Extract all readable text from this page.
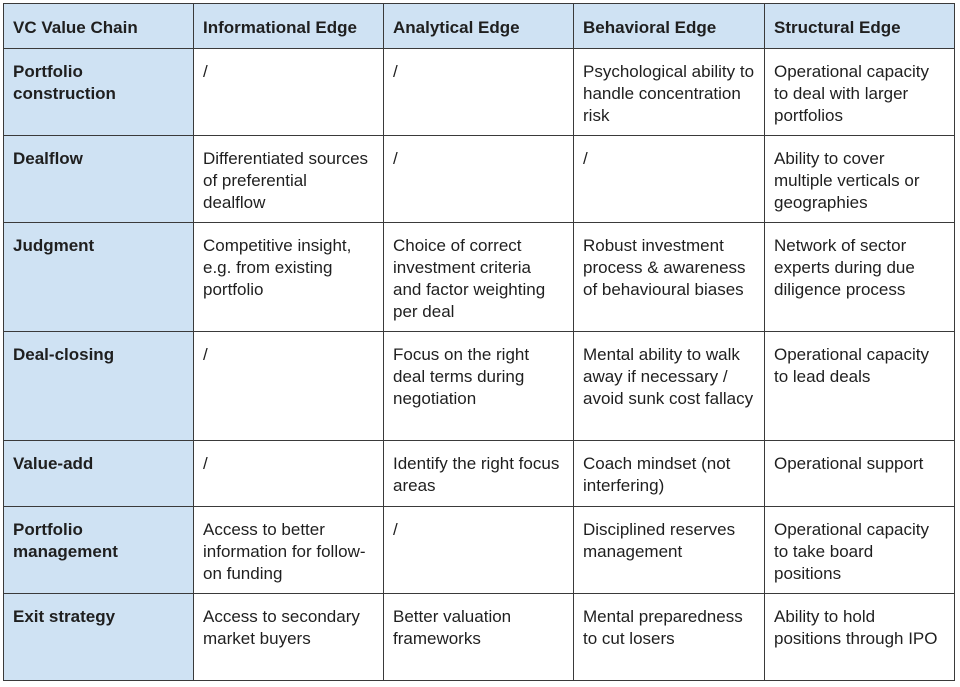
VC Value Chain	Informational Edge	Analytical Edge	Behavioral Edge	Structural Edge
Portfolio construction	/	/	Psychological ability to handle concentration risk	Operational capacity to deal with larger portfolios
Dealflow	Differentiated sources of preferential dealflow	/	/	Ability to cover multiple verticals or geographies
Judgment	Competitive insight, e.g. from existing portfolio	Choice of correct investment criteria and factor weighting per deal	Robust investment process & awareness of behavioural biases	Network of sector experts during due diligence process
Deal-closing	/	Focus on the right deal terms during negotiation	Mental ability to walk away if necessary / avoid sunk cost fallacy	Operational capacity to lead deals
Value-add	/	Identify the right focus areas	Coach mindset (not interfering)	Operational support
Portfolio management	Access to better information for follow-on funding	/	Disciplined reserves management	Operational capacity to take board positions
Exit strategy	Access to secondary market buyers	Better valuation frameworks	Mental preparedness to cut losers	Ability to hold positions through IPO
